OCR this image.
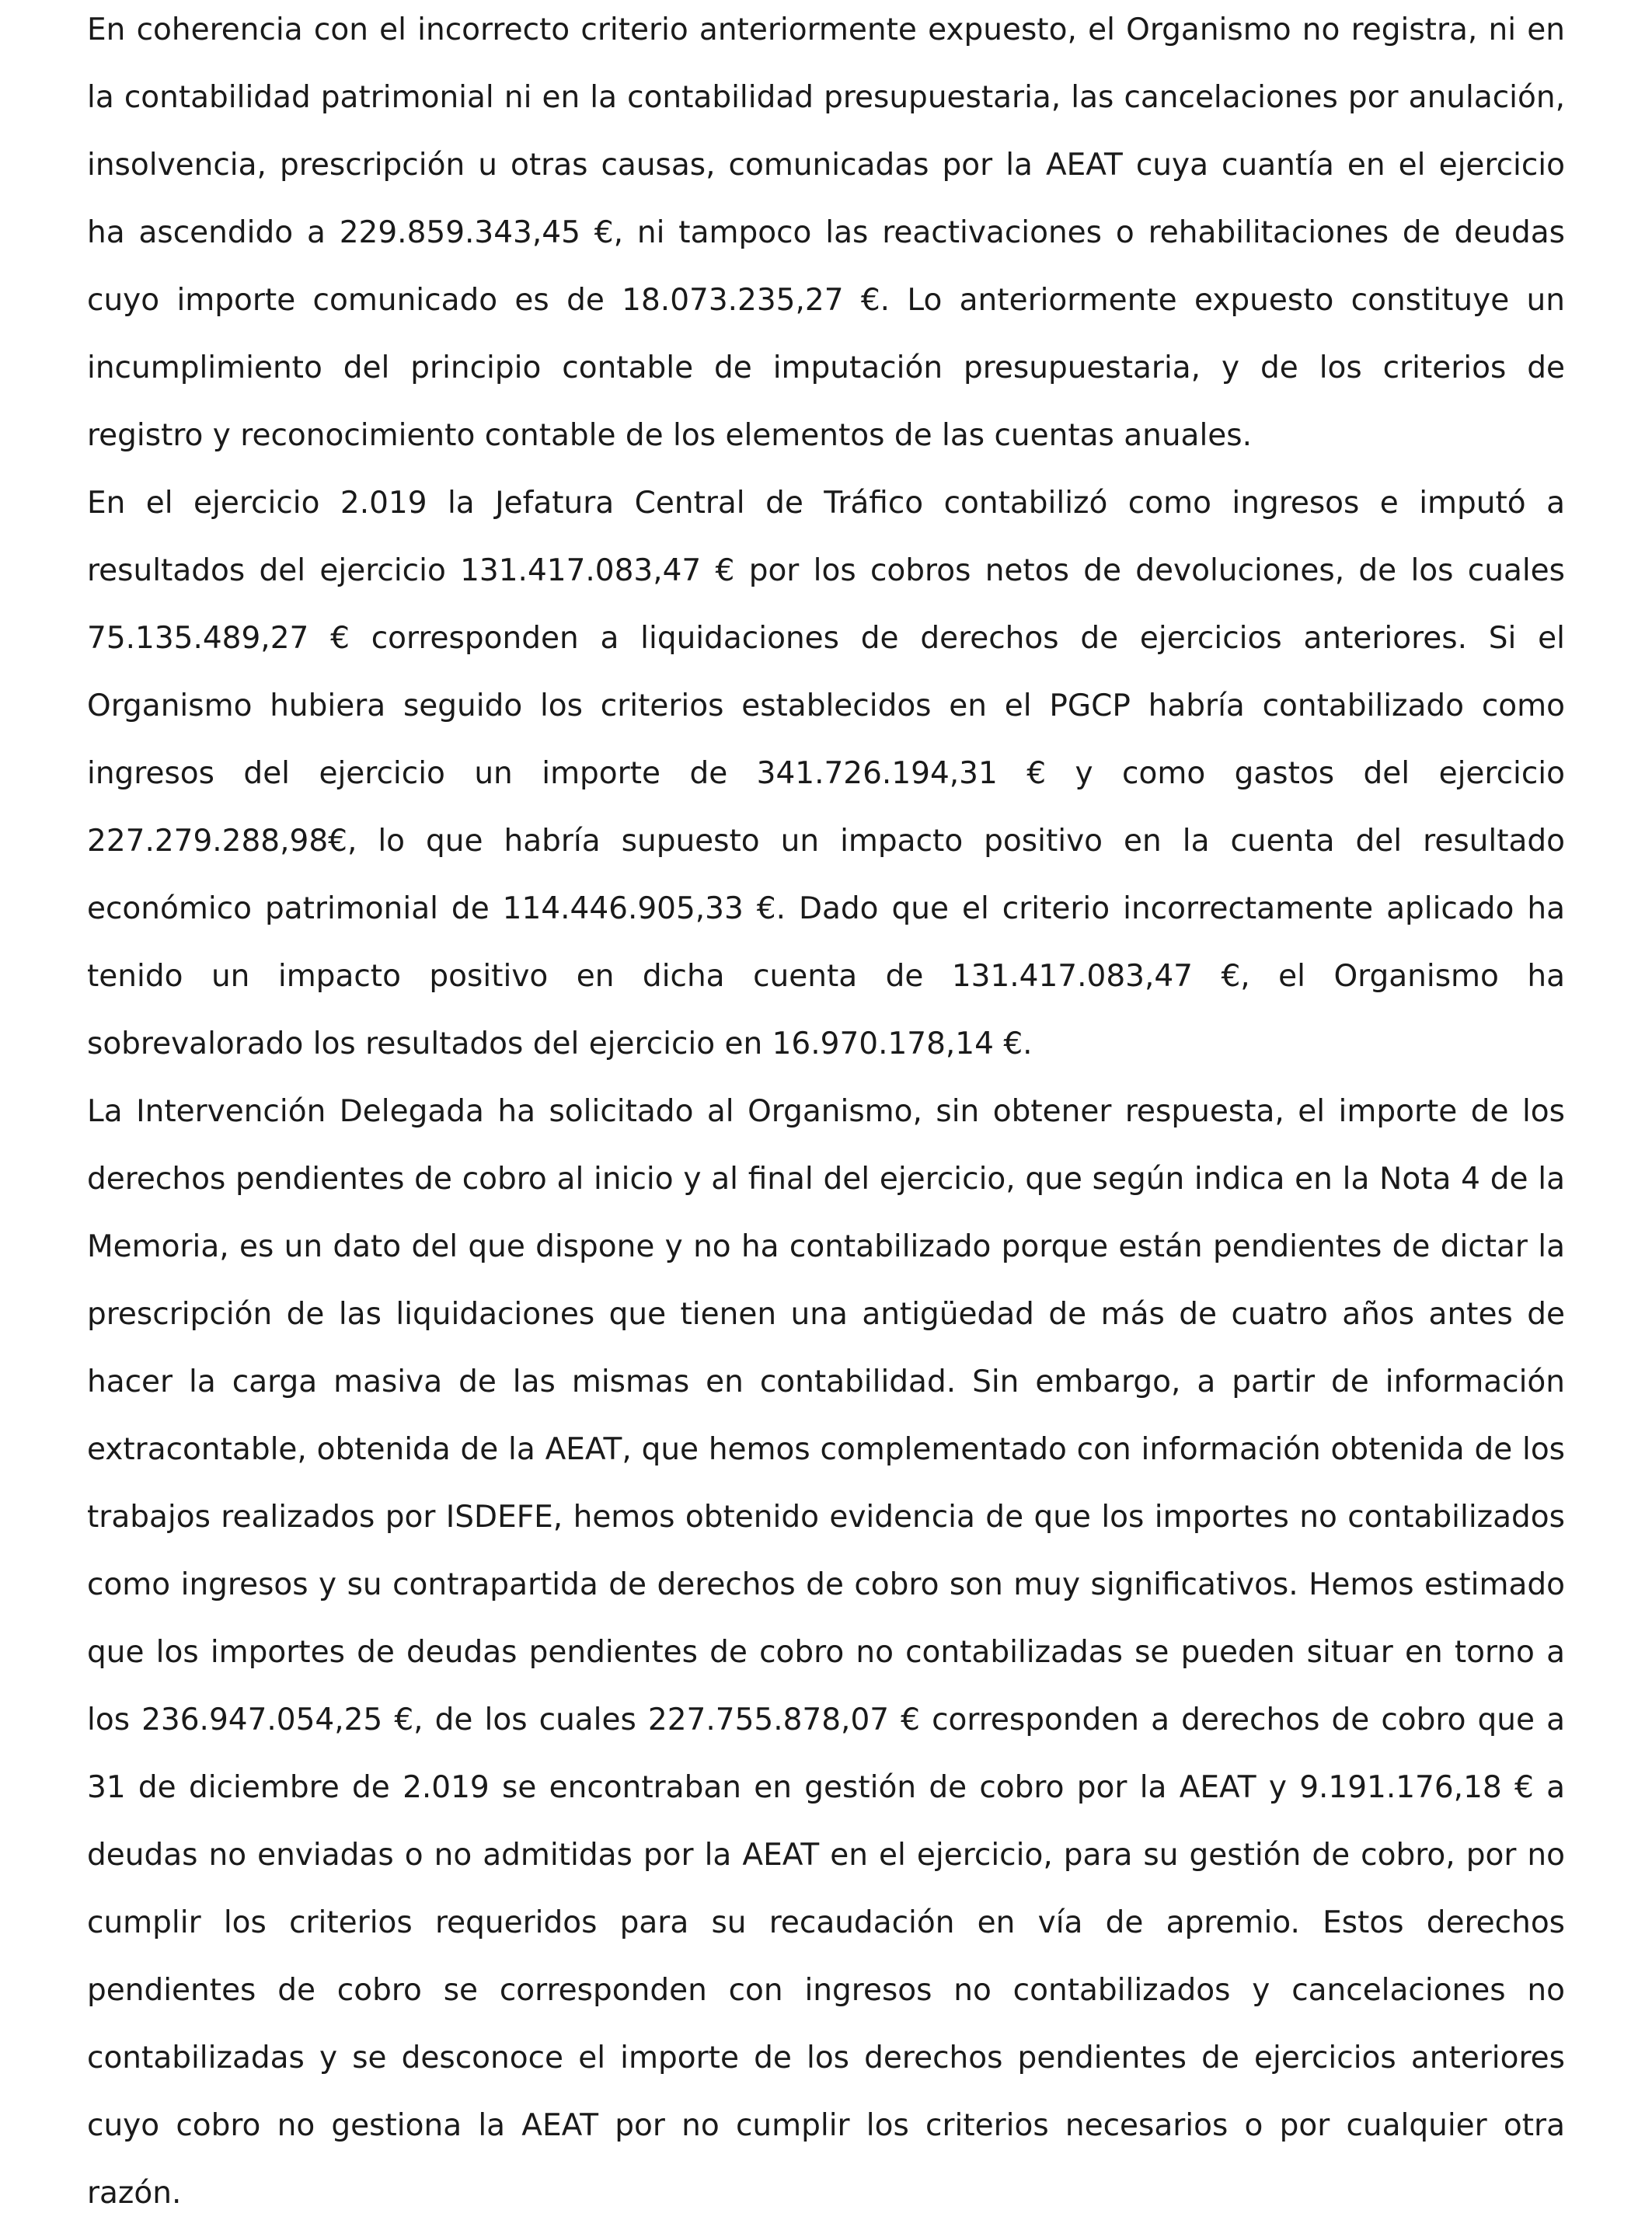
En coherencia con el incorrecto criterio anteriormente expuesto, el Organismo no registra, ni en la contabilidad patrimonial ni en la contabilidad presupuestaria, las cancelaciones por anulación, insolvencia, prescripción u otras causas, comunicadas por la AEAT cuya cuantía en el ejercicio ha ascendido a 229.859.343,45 €, ni tampoco las reactivaciones o rehabilitaciones de deudas cuyo importe comunicado es de 18.073.235,27 €. Lo anteriormente expuesto constituye un incumplimiento del principio contable de imputación presupuestaria, y de los criterios de registro y reconocimiento contable de los elementos de las cuentas anuales.

En el ejercicio 2.019 la Jefatura Central de Tráfico contabilizó como ingresos e imputó a resultados del ejercicio 131.417.083,47 € por los cobros netos de devoluciones, de los cuales 75.135.489,27 € corresponden a liquidaciones de derechos de ejercicios anteriores. Si el Organismo hubiera seguido los criterios establecidos en el PGCP habría contabilizado como ingresos del ejercicio un importe de 341.726.194,31 € y como gastos del ejercicio 227.279.288,98€, lo que habría supuesto un impacto positivo en la cuenta del resultado económico patrimonial de 114.446.905,33 €. Dado que el criterio incorrectamente aplicado ha tenido un impacto positivo en dicha cuenta de 131.417.083,47 €, el Organismo ha sobrevalorado los resultados del ejercicio en 16.970.178,14 €.

La Intervención Delegada ha solicitado al Organismo, sin obtener respuesta, el importe de los derechos pendientes de cobro al inicio y al final del ejercicio, que según indica en la Nota 4 de la Memoria, es un dato del que dispone y no ha contabilizado porque están pendientes de dictar la prescripción de las liquidaciones que tienen una antigüedad de más de cuatro años antes de hacer la carga masiva de las mismas en contabilidad. Sin embargo, a partir de información extracontable, obtenida de la AEAT, que hemos complementado con información obtenida de los trabajos realizados por ISDEFE, hemos obtenido evidencia de que los importes no contabilizados como ingresos y su contrapartida de derechos de cobro son muy significativos. Hemos estimado que los importes de deudas pendientes de cobro no contabilizadas se pueden situar en torno a los 236.947.054,25 €, de los cuales 227.755.878,07 € corresponden a derechos de cobro que a 31 de diciembre de 2.019 se encontraban en gestión de cobro por la AEAT y 9.191.176,18 € a deudas no enviadas o no admitidas por la AEAT en el ejercicio, para su gestión de cobro, por no cumplir los criterios requeridos para su recaudación en vía de apremio. Estos derechos pendientes de cobro se corresponden con ingresos no contabilizados y cancelaciones no contabilizadas y se desconoce el importe de los derechos pendientes de ejercicios anteriores cuyo cobro no gestiona la AEAT por no cumplir los criterios necesarios o por cualquier otra razón.
